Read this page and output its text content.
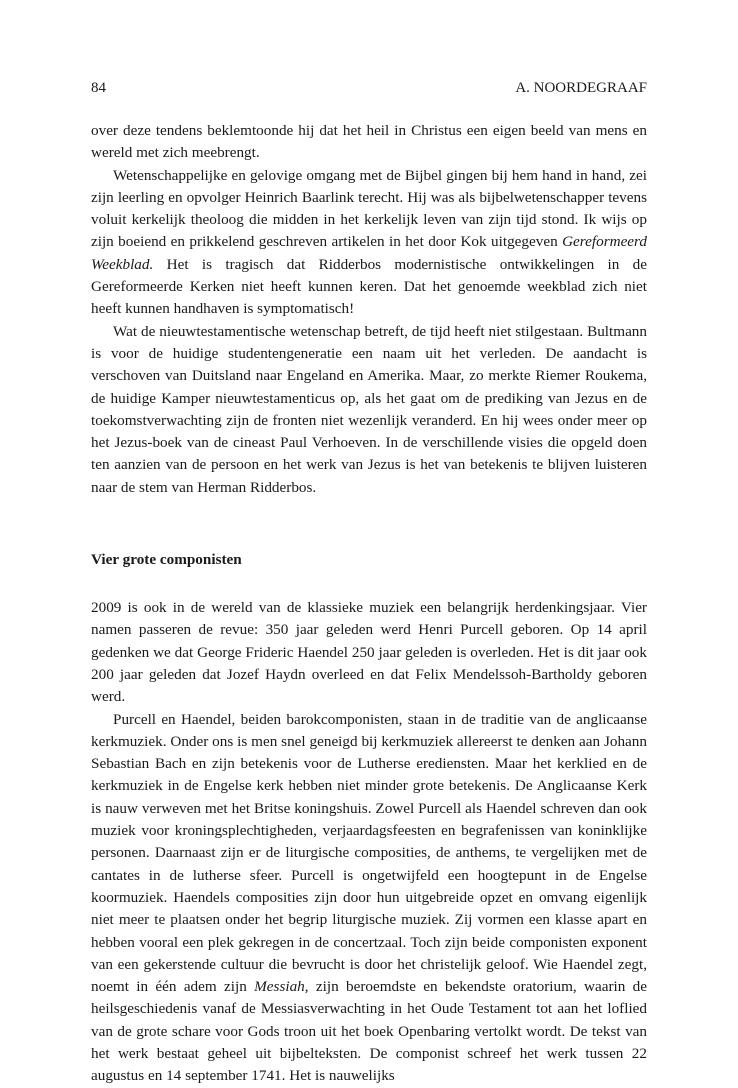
84	A. NOORDEGRAAF

over deze tendens beklemtoonde hij dat het heil in Christus een eigen beeld van mens en wereld met zich meebrengt.

Wetenschappelijke en gelovige omgang met de Bijbel gingen bij hem hand in hand, zei zijn leerling en opvolger Heinrich Baarlink terecht. Hij was als bijbelwetenschapper tevens voluit kerkelijk theoloog die midden in het kerkelijk leven van zijn tijd stond. Ik wijs op zijn boeiend en prikkelend geschreven artikelen in het door Kok uitgegeven Gereformeerd Weekblad. Het is tragisch dat Ridderbos modernistische ontwikkelingen in de Gereformeerde Kerken niet heeft kunnen keren. Dat het genoemde weekblad zich niet heeft kunnen handhaven is symptomatisch!

Wat de nieuwtestamentische wetenschap betreft, de tijd heeft niet stilgestaan. Bultmann is voor de huidige studentengeneratie een naam uit het verleden. De aandacht is verschoven van Duitsland naar Engeland en Amerika. Maar, zo merkte Riemer Roukema, de huidige Kamper nieuwtestamenticus op, als het gaat om de prediking van Jezus en de toekomstverwachting zijn de fronten niet wezenlijk veranderd. En hij wees onder meer op het Jezus-boek van de cineast Paul Verhoeven. In de verschillende visies die opgeld doen ten aanzien van de persoon en het werk van Jezus is het van betekenis te blijven luisteren naar de stem van Herman Ridderbos.

Vier grote componisten

2009 is ook in de wereld van de klassieke muziek een belangrijk herdenkingsjaar. Vier namen passeren de revue: 350 jaar geleden werd Henri Purcell geboren. Op 14 april gedenken we dat George Frideric Haendel 250 jaar geleden is overleden. Het is dit jaar ook 200 jaar geleden dat Jozef Haydn overleed en dat Felix Mendelssoh-Bartholdy geboren werd.

Purcell en Haendel, beiden barokcomponisten, staan in de traditie van de anglicaanse kerkmuziek. Onder ons is men snel geneigd bij kerkmuziek allereerst te denken aan Johann Sebastian Bach en zijn betekenis voor de Lutherse erediensten. Maar het kerklied en de kerkmuziek in de Engelse kerk hebben niet minder grote betekenis. De Anglicaanse Kerk is nauw verweven met het Britse koningshuis. Zowel Purcell als Haendel schreven dan ook muziek voor kroningsplechtigheden, verjaardagsfeesten en begrafenissen van koninklijke personen. Daarnaast zijn er de liturgische composities, de anthems, te vergelijken met de cantates in de lutherse sfeer. Purcell is ongetwijfeld een hoogtepunt in de Engelse koormuziek. Haendels composities zijn door hun uitgebreide opzet en omvang eigenlijk niet meer te plaatsen onder het begrip liturgische muziek. Zij vormen een klasse apart en hebben vooral een plek gekregen in de concertzaal. Toch zijn beide componisten exponent van een gekerstende cultuur die bevrucht is door het christelijk geloof. Wie Haendel zegt, noemt in één adem zijn Messiah, zijn beroemdste en bekendste oratorium, waarin de heilsgeschiedenis vanaf de Messiasverwachting in het Oude Testament tot aan het loflied van de grote schare voor Gods troon uit het boek Openbaring vertolkt wordt. De tekst van het werk bestaat geheel uit bijbelteksten. De componist schreef het werk tussen 22 augustus en 14 september 1741. Het is nauwelijks
